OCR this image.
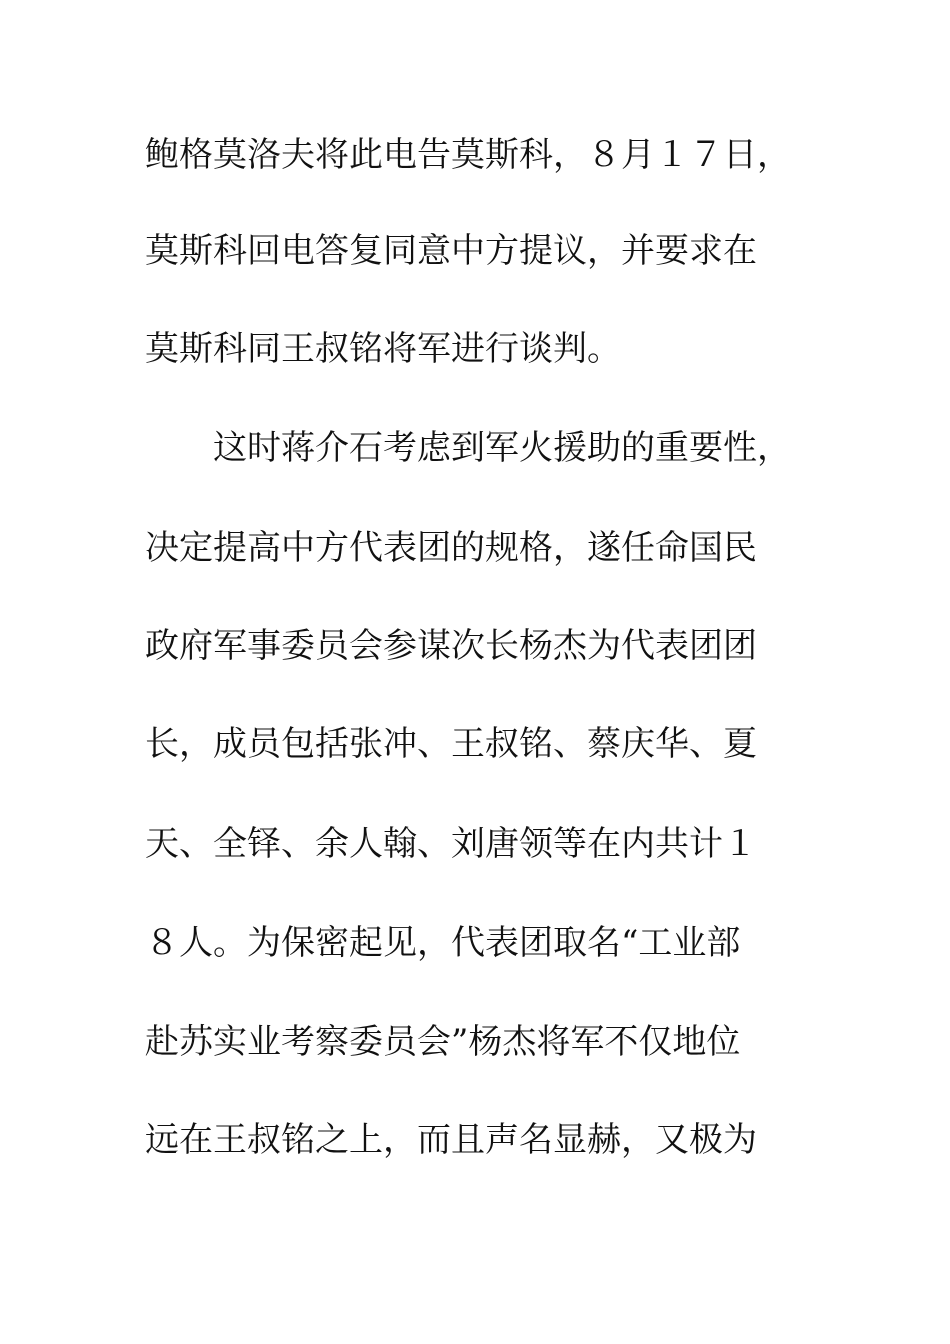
鲍格莫洛夫将此电告莫斯科，８月１７日，
莫斯科回电答复同意中方提议，并要求在
莫斯科同王叔铭将军进行谈判。
　　这时蒋介石考虑到军火援助的重要性，
决定提高中方代表团的规格，遂任命国民
政府军事委员会参谋次长杨杰为代表团团
长，成员包括张冲、王叔铭、蔡庆华、夏
天、全铎、余人翰、刘唐领等在内共计１
８人。为保密起见，代表团取名“工业部
赴苏实业考察委员会”杨杰将军不仅地位
远在王叔铭之上，而且声名显赫，又极为
